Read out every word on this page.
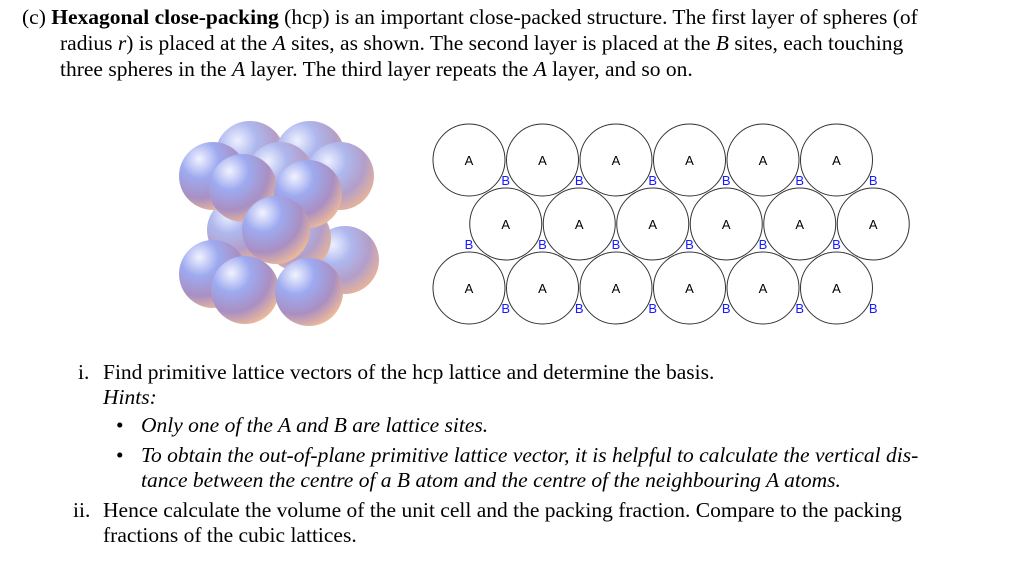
(c) Hexagonal close-packing (hcp) is an important close-packed structure. The first layer of spheres (of
radius r) is placed at the A sites, as shown. The second layer is placed at the B sites, each touching
three spheres in the A layer. The third layer repeats the A layer, and so on.
A
B
A
B
A
B
A
B
A
B
A
B
A
B
A
B
A
B
A
B
A
B
A
B
A
B
A
B
A
B
A
B
A
B
A
B
i. Find primitive lattice vectors of the hcp lattice and determine the basis.
Hints:
• Only one of the A and B are lattice sites.
• To obtain the out-of-plane primitive lattice vector, it is helpful to calculate the vertical dis-
tance between the centre of a B atom and the centre of the neighbouring A atoms.
ii. Hence calculate the volume of the unit cell and the packing fraction. Compare to the packing
fractions of the cubic lattices.
